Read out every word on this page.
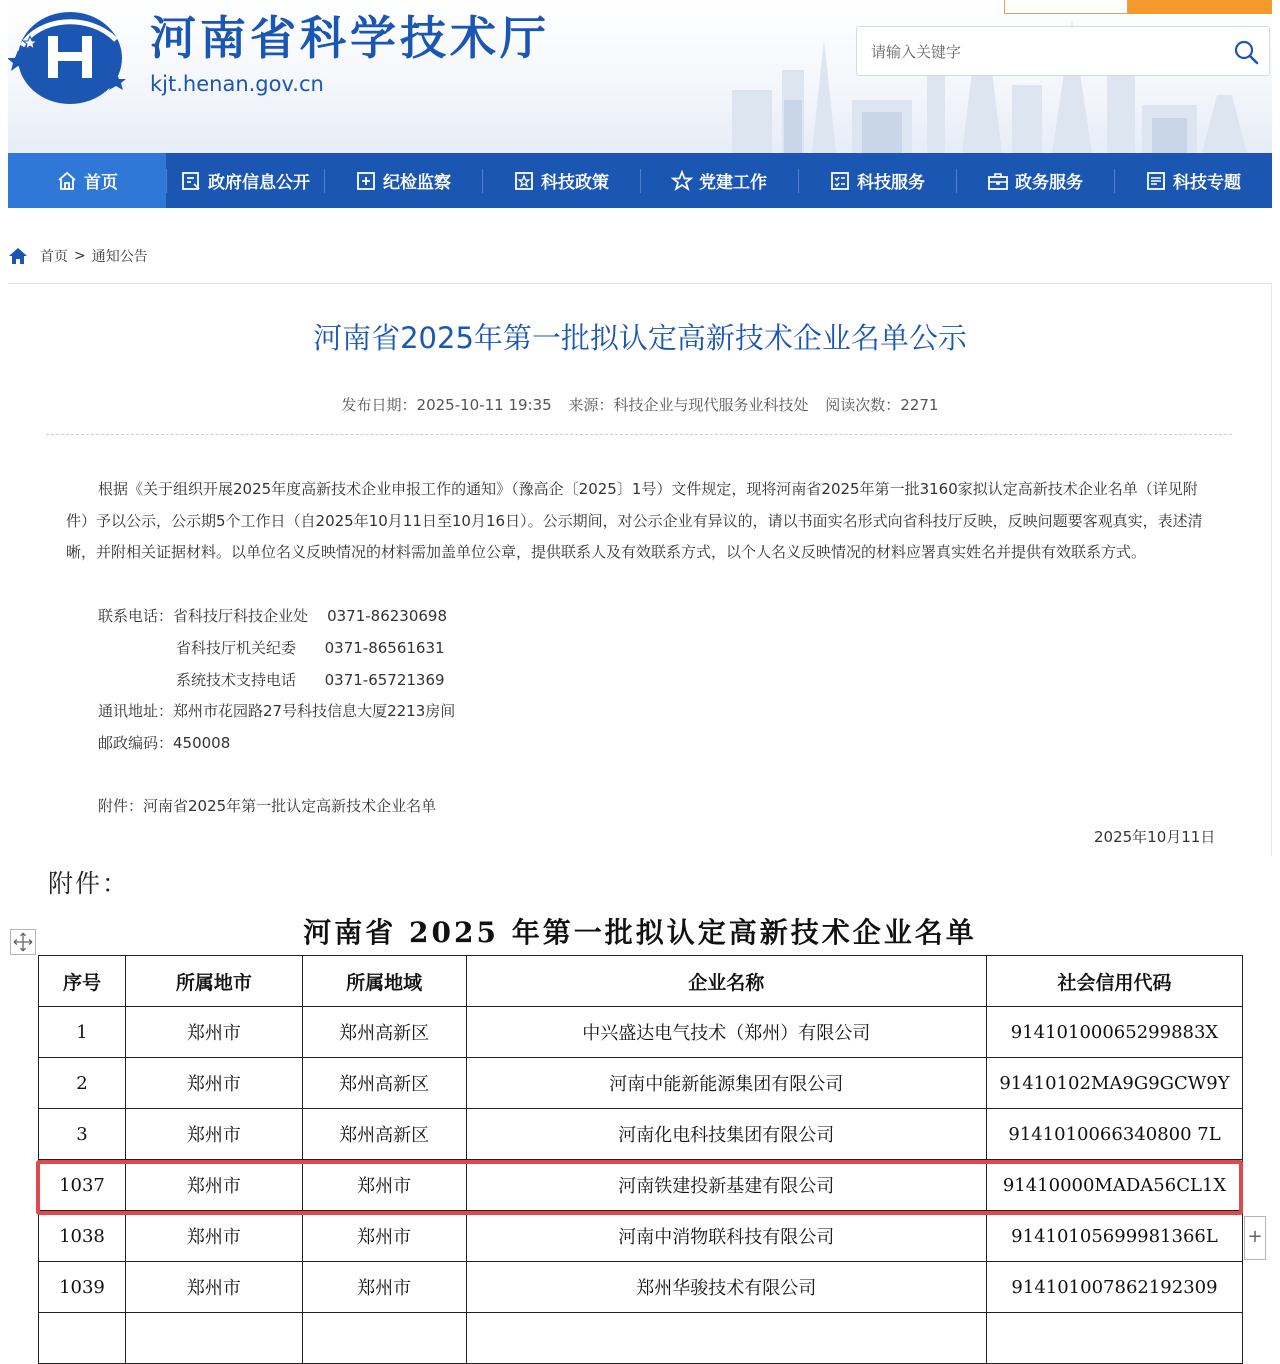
河南省科学技术厅
kjt.henan.gov.cn
请输入关键字
首页	政府信息公开	纪检监察	科技政策	党建工作	科技服务	政务服务	科技专题
首页 > 通知公告
河南省2025年第一批拟认定高新技术企业名单公示
发布日期：2025-10-11 19:35 来源：科技企业与现代服务业科技处 阅读次数：2271
根据《关于组织开展2025年度高新技术企业申报工作的通知》（豫高企〔2025〕1号）文件规定，现将河南省2025年第一批3160家拟认定高新技术企业名单（详见附件）予以公示，公示期5个工作日（自2025年10月11日至10月16日）。公示期间，对公示企业有异议的，请以书面实名形式向省科技厅反映，反映问题要客观真实，表述清晰，并附相关证据材料。以单位名义反映情况的材料需加盖单位公章，提供联系人及有效联系方式，以个人名义反映情况的材料应署真实姓名并提供有效联系方式。
联系电话：省科技厅科技企业处    0371-86230698
省科技厅机关纪委      0371-86561631
系统技术支持电话      0371-65721369
通讯地址：郑州市花园路27号科技信息大厦2213房间
邮政编码：450008
附件：河南省2025年第一批认定高新技术企业名单
2025年10月11日
附件：
河南省 2025 年第一批拟认定高新技术企业名单
序号	所属地市	所属地域	企业名称	社会信用代码
1	郑州市	郑州高新区	中兴盛达电气技术（郑州）有限公司	91410100065299883X
2	郑州市	郑州高新区	河南中能新能源集团有限公司	91410102MA9G9GCW9Y
3	郑州市	郑州高新区	河南化电科技集团有限公司	9141010066340800 7L
1037	郑州市	郑州市	河南铁建投新基建有限公司	91410000MADA56CL1X
1038	郑州市	郑州市	河南中消物联科技有限公司	91410105699981366L
1039	郑州市	郑州市	郑州华骏技术有限公司	914101007862192309

+
